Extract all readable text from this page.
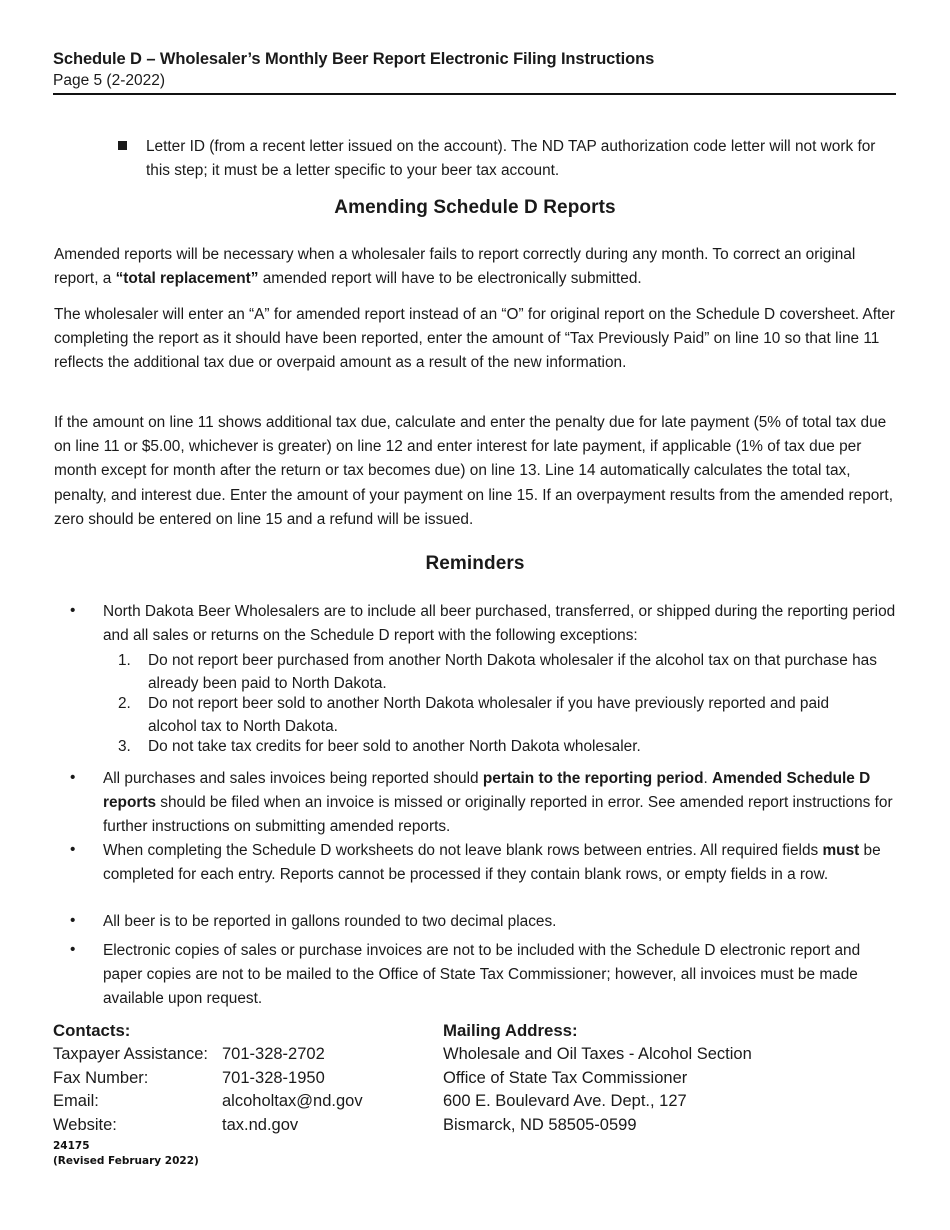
Schedule D – Wholesaler’s Monthly Beer Report Electronic Filing Instructions
Page 5 (2-2022)
Letter ID (from a recent letter issued on the account). The ND TAP authorization code letter will not work for this step; it must be a letter specific to your beer tax account.
Amending Schedule D Reports
Amended reports will be necessary when a wholesaler fails to report correctly during any month. To correct an original report, a “total replacement” amended report will have to be electronically submitted.
The wholesaler will enter an “A” for amended report instead of an “O” for original report on the Schedule D coversheet. After completing the report as it should have been reported, enter the amount of “Tax Previously Paid” on line 10 so that line 11 reflects the additional tax due or overpaid amount as a result of the new information.
If the amount on line 11 shows additional tax due, calculate and enter the penalty due for late payment (5% of total tax due on line 11 or $5.00, whichever is greater) on line 12 and enter interest for late payment, if applicable (1% of tax due per month except for month after the return or tax becomes due) on line 13. Line 14 automatically calculates the total tax, penalty, and interest due. Enter the amount of your payment on line 15. If an overpayment results from the amended report, zero should be entered on line 15 and a refund will be issued.
Reminders
• North Dakota Beer Wholesalers are to include all beer purchased, transferred, or shipped during the reporting period and all sales or returns on the Schedule D report with the following exceptions:
1.	Do not report beer purchased from another North Dakota wholesaler if the alcohol tax on that purchase has already been paid to North Dakota.
2.	Do not report beer sold to another North Dakota wholesaler if you have previously reported and paid alcohol tax to North Dakota.
3.	Do not take tax credits for beer sold to another North Dakota wholesaler.
• All purchases and sales invoices being reported should pertain to the reporting period. Amended Schedule D reports should be filed when an invoice is missed or originally reported in error. See amended report instructions for further instructions on submitting amended reports.
• When completing the Schedule D worksheets do not leave blank rows between entries. All required fields must be completed for each entry. Reports cannot be processed if they contain blank rows, or empty fields in a row.
• All beer is to be reported in gallons rounded to two decimal places.
• Electronic copies of sales or purchase invoices are not to be included with the Schedule D electronic report and paper copies are not to be mailed to the Office of State Tax Commissioner; however, all invoices must be made available upon request.
Contacts:
Taxpayer Assistance: 701-328-2702
Fax Number:	701-328-1950
Email:	alcoholtax@nd.gov
Website:	tax.nd.gov
Mailing Address:
Wholesale and Oil Taxes - Alcohol Section
Office of State Tax Commissioner
600 E. Boulevard Ave. Dept., 127
Bismarck, ND 58505-0599
24175
(Revised February 2022)
